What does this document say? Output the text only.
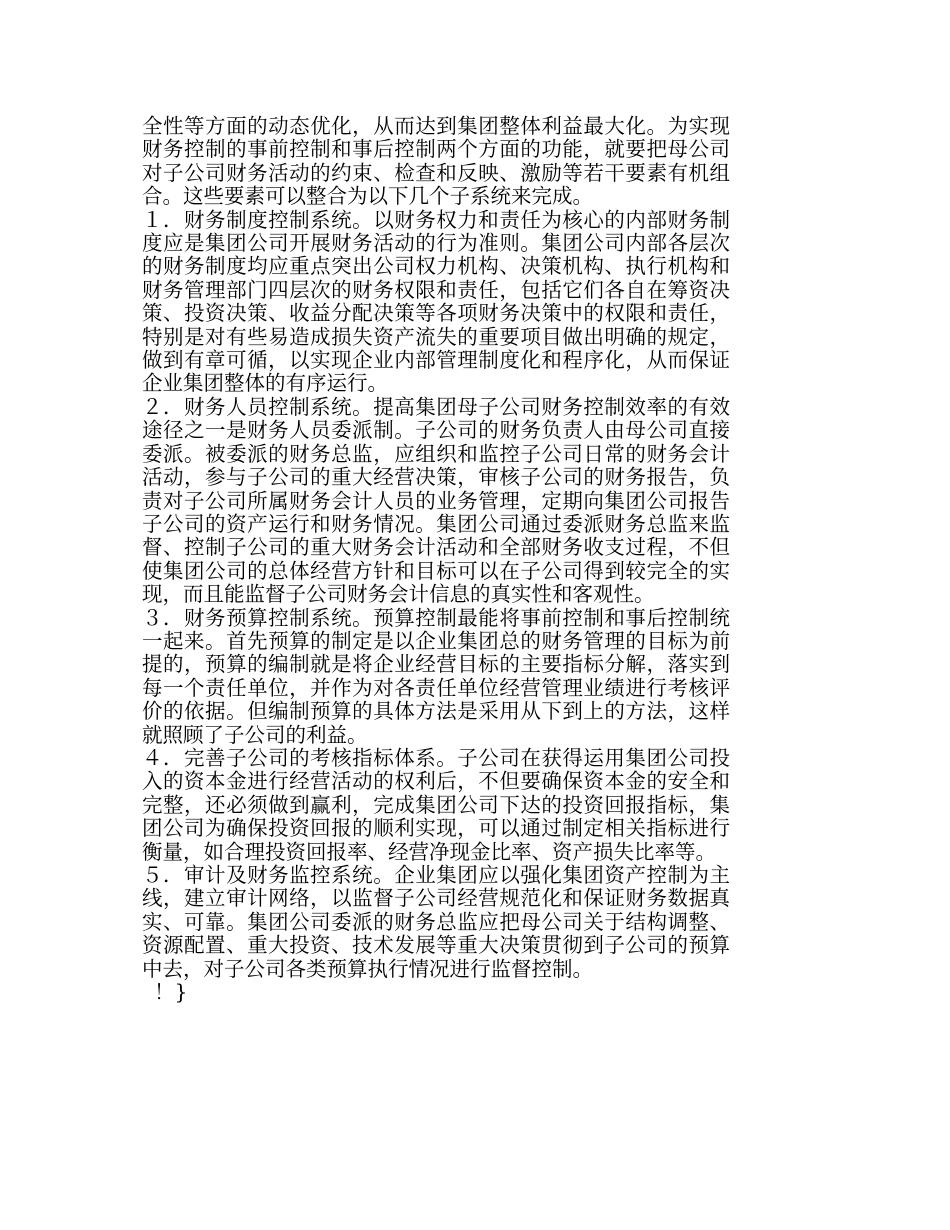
全性等方面的动态优化，从而达到集团整体利益最大化。为实现财务控制的事前控制和事后控制两个方面的功能，就要把母公司对子公司财务活动的约束、检查和反映、激励等若干要素有机组合。这些要素可以整合为以下几个子系统来完成。

１．财务制度控制系统。以财务权力和责任为核心的内部财务制度应是集团公司开展财务活动的行为准则。集团公司内部各层次的财务制度均应重点突出公司权力机构、决策机构、执行机构和财务管理部门四层次的财务权限和责任，包括它们各自在筹资决策、投资决策、收益分配决策等各项财务决策中的权限和责任，特别是对有些易造成损失资产流失的重要项目做出明确的规定，做到有章可循，以实现企业内部管理制度化和程序化，从而保证企业集团整体的有序运行。

２．财务人员控制系统。提高集团母子公司财务控制效率的有效途径之一是财务人员委派制。子公司的财务负责人由母公司直接委派。被委派的财务总监，应组织和监控子公司日常的财务会计活动，参与子公司的重大经营决策，审核子公司的财务报告，负责对子公司所属财务会计人员的业务管理，定期向集团公司报告子公司的资产运行和财务情况。集团公司通过委派财务总监来监督、控制子公司的重大财务会计活动和全部财务收支过程，不但使集团公司的总体经营方针和目标可以在子公司得到较完全的实现，而且能监督子公司财务会计信息的真实性和客观性。

３．财务预算控制系统。预算控制最能将事前控制和事后控制统一起来。首先预算的制定是以企业集团总的财务管理的目标为前提的，预算的编制就是将企业经营目标的主要指标分解，落实到每一个责任单位，并作为对各责任单位经营管理业绩进行考核评价的依据。但编制预算的具体方法是采用从下到上的方法，这样就照顾了子公司的利益。

４．完善子公司的考核指标体系。子公司在获得运用集团公司投入的资本金进行经营活动的权利后，不但要确保资本金的安全和完整，还必须做到赢利，完成集团公司下达的投资回报指标，集团公司为确保投资回报的顺利实现，可以通过制定相关指标进行衡量，如合理投资回报率、经营净现金比率、资产损失比率等。

５．审计及财务监控系统。企业集团应以强化集团资产控制为主线，建立审计网络，以监督子公司经营规范化和保证财务数据真实、可靠。集团公司委派的财务总监应把母公司关于结构调整、资源配置、重大投资、技术发展等重大决策贯彻到子公司的预算中去，对子公司各类预算执行情况进行监督控制。

！}
